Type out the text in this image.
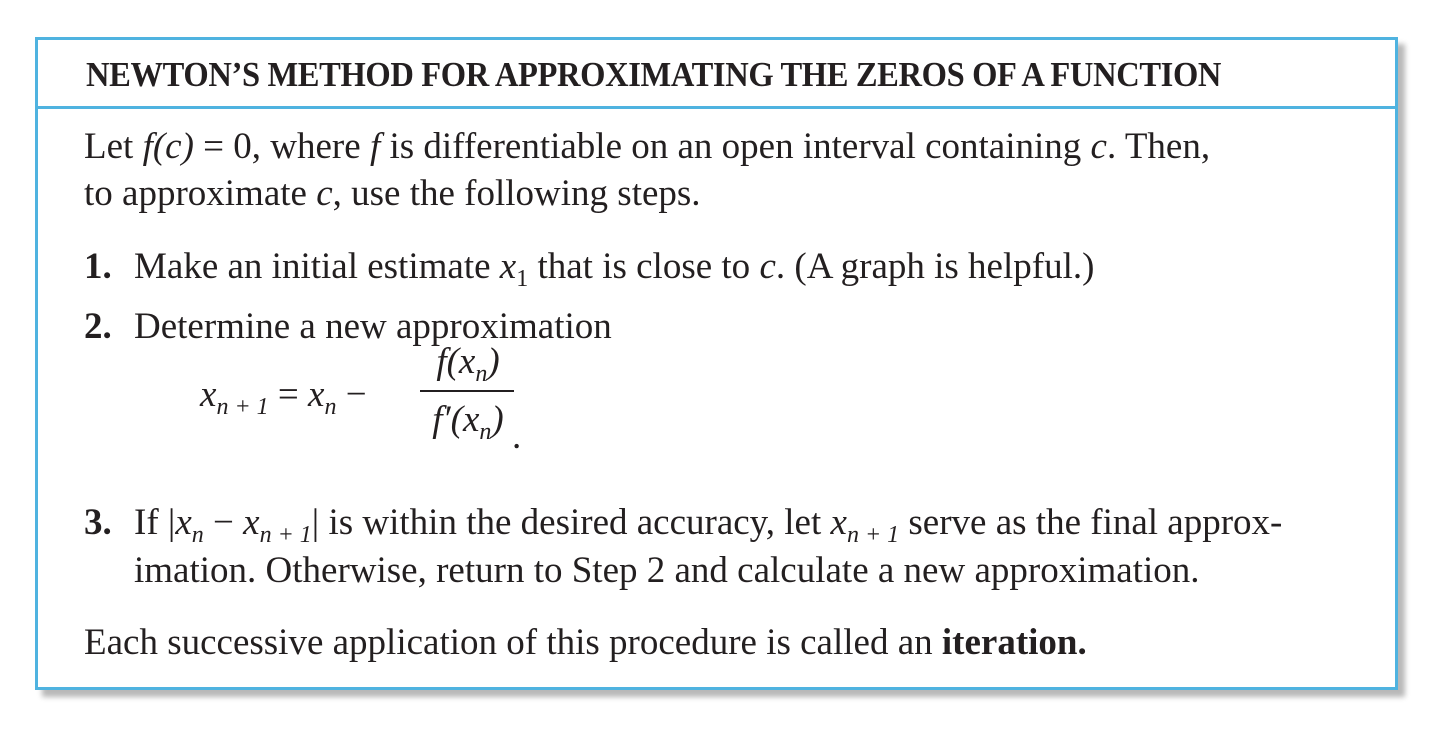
NEWTON’S METHOD FOR APPROXIMATING THE ZEROS OF A FUNCTION
Let f(c) = 0, where f is differentiable on an open interval containing c. Then,
to approximate c, use the following steps.
1. Make an initial estimate $x_1$ that is close to c. (A graph is helpful.)
2. Determine a new approximation
$x_{n + 1} = x_n$ −
$f(x_n)$
$f'(x_n)$ .
3. If $|x_n - x_{n + 1}|$ is within the desired accuracy, let $x_{n + 1}$ serve as the final approx-
imation. Otherwise, return to Step 2 and calculate a new approximation.
Each successive application of this procedure is called an iteration.
